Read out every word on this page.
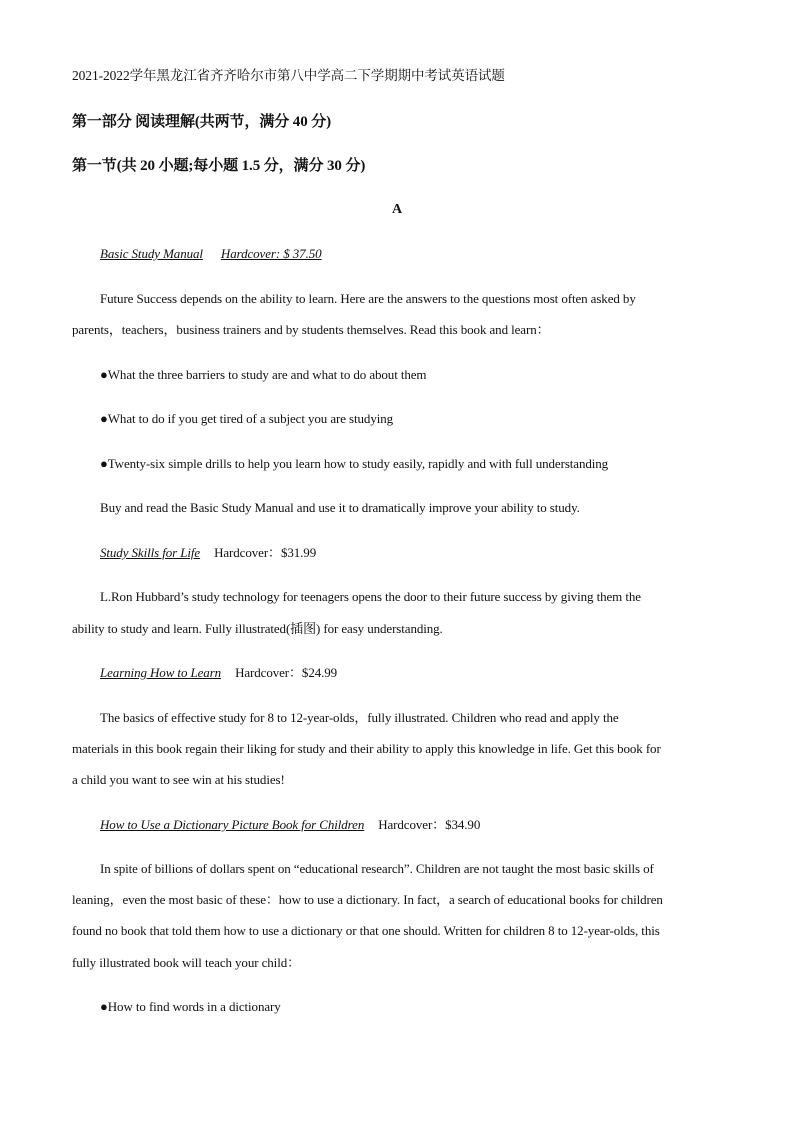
2021-2022学年黑龙江省齐齐哈尔市第八中学高二下学期期中考试英语试题
第一部分 阅读理解(共两节，满分 40 分)
第一节(共 20 小题;每小题 1.5 分，满分 30 分)
A
Basic Study Manual Hardcover: $ 37.50
Future Success depends on the ability to learn. Here are the answers to the questions most often asked by
parents，teachers，business trainers and by students themselves. Read this book and learn：
●What the three barriers to study are and what to do about them
●What to do if you get tired of a subject you are studying
●Twenty-six simple drills to help you learn how to study easily, rapidly and with full understanding
Buy and read the Basic Study Manual and use it to dramatically improve your ability to study.
Study Skills for Life Hardcover：$31.99
L.Ron Hubbard’s study technology for teenagers opens the door to their future success by giving them the
ability to study and learn. Fully illustrated(插图) for easy understanding.
Learning How to Learn Hardcover：$24.99
The basics of effective study for 8 to 12-year-olds，fully illustrated. Children who read and apply the
materials in this book regain their liking for study and their ability to apply this knowledge in life. Get this book for
a child you want to see win at his studies!
How to Use a Dictionary Picture Book for Children Hardcover：$34.90
In spite of billions of dollars spent on “educational research”. Children are not taught the most basic skills of
leaning，even the most basic of these：how to use a dictionary. In fact，a search of educational books for children
found no book that told them how to use a dictionary or that one should. Written for children 8 to 12-year-olds, this
fully illustrated book will teach your child：
●How to find words in a dictionary
